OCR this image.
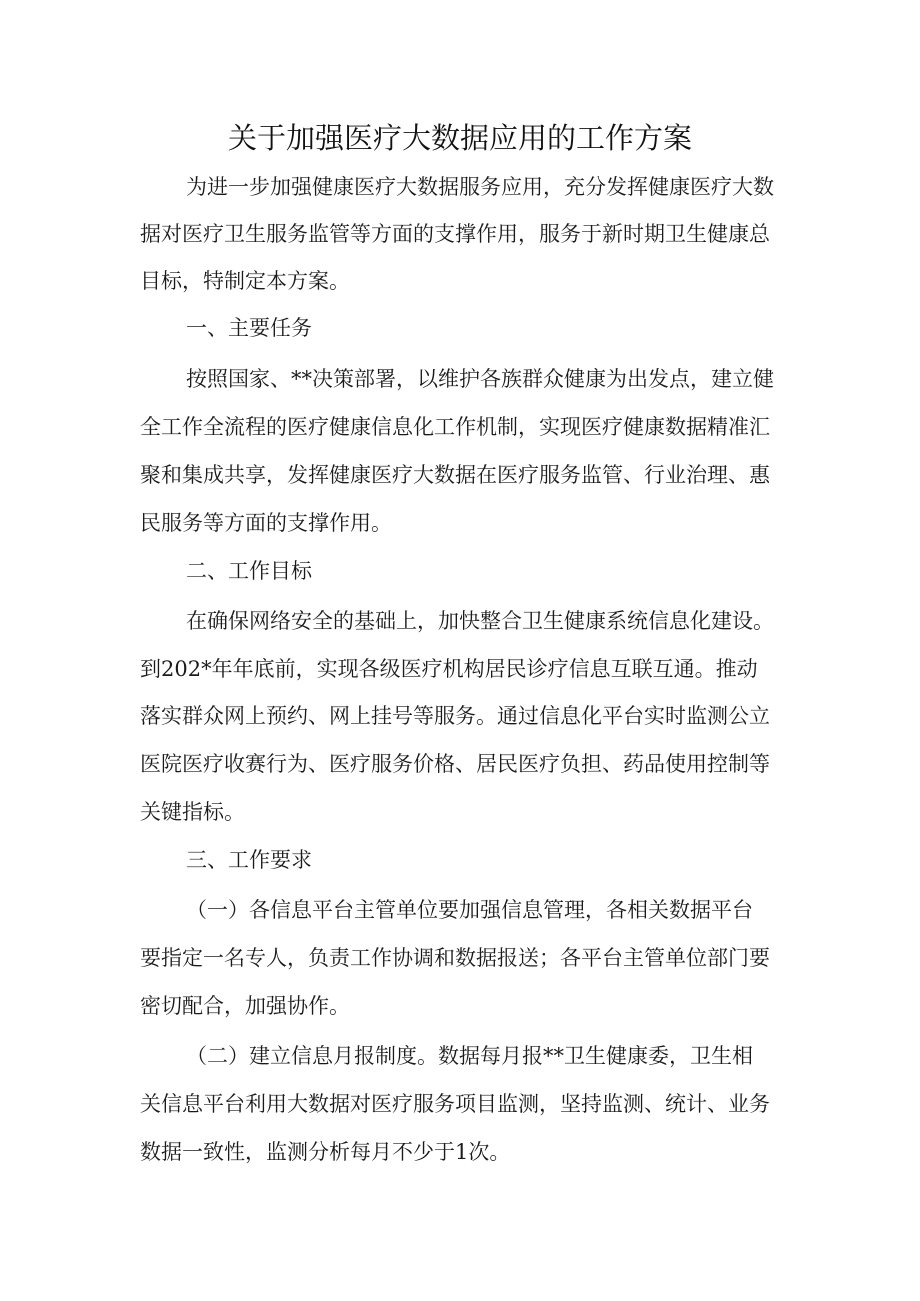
关于加强医疗大数据应用的工作方案

为进一步加强健康医疗大数据服务应用，充分发挥健康医疗大数

据对医疗卫生服务监管等方面的支撑作用，服务于新时期卫生健康总

目标，特制定本方案。

一、主要任务

按照国家、**决策部署，以维护各族群众健康为出发点，建立健

全工作全流程的医疗健康信息化工作机制，实现医疗健康数据精准汇

聚和集成共享，发挥健康医疗大数据在医疗服务监管、行业治理、惠

民服务等方面的支撑作用。

二、工作目标

在确保网络安全的基础上，加快整合卫生健康系统信息化建设。

到202*年年底前，实现各级医疗机构居民诊疗信息互联互通。推动

落实群众网上预约、网上挂号等服务。通过信息化平台实时监测公立

医院医疗收赛行为、医疗服务价格、居民医疗负担、药品使用控制等

关键指标。

三、工作要求

（一）各信息平台主管单位要加强信息管理，各相关数据平台

要指定一名专人，负责工作协调和数据报送；各平台主管单位部门要

密切配合，加强协作。

（二）建立信息月报制度。数据每月报**卫生健康委，卫生相

关信息平台利用大数据对医疗服务项目监测，坚持监测、统计、业务

数据一致性，监测分析每月不少于1次。
